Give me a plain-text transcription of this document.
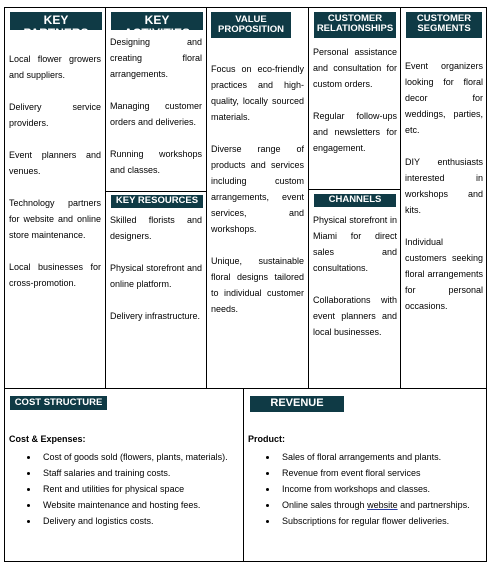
KEY PARTNERS

Local flower growers and suppliers.

Delivery service providers.

Event planners and venues.

Technology partners for website and online store maintenance.

Local businesses for cross-promotion.

KEY ACTIVITIES

Designing and creating floral arrangements.

Managing customer orders and deliveries.

Running workshops and classes.

KEY RESOURCES

Skilled florists and designers.

Physical storefront and online platform.

Delivery infrastructure.

VALUE
PROPOSITION

Focus on eco-friendly practices and high-quality, locally sourced materials.

Diverse range of products and services including custom arrangements, event services, and workshops.

Unique, sustainable floral designs tailored to individual customer needs.

CUSTOMER
RELATIONSHIPS

Personal assistance and consultation for custom orders.

Regular follow-ups and newsletters for engagement.

CHANNELS

Physical storefront in Miami for direct sales and consultations.

Collaborations with event planners and local businesses.

CUSTOMER
SEGMENTS

Event organizers looking for floral decor for weddings, parties, etc.

DIY enthusiasts interested in workshops and kits.

Individual customers seeking floral arrangements for personal occasions.

COST STRUCTURE
Cost & Expenses:
• Cost of goods sold (flowers, plants, materials).
• Staff salaries and training costs.
• Rent and utilities for physical space
• Website maintenance and hosting fees.
• Delivery and logistics costs.
REVENUE
Product:
• Sales of floral arrangements and plants.
• Revenue from event floral services
• Income from workshops and classes.
• Online sales through website and partnerships.
• Subscriptions for regular flower deliveries.
